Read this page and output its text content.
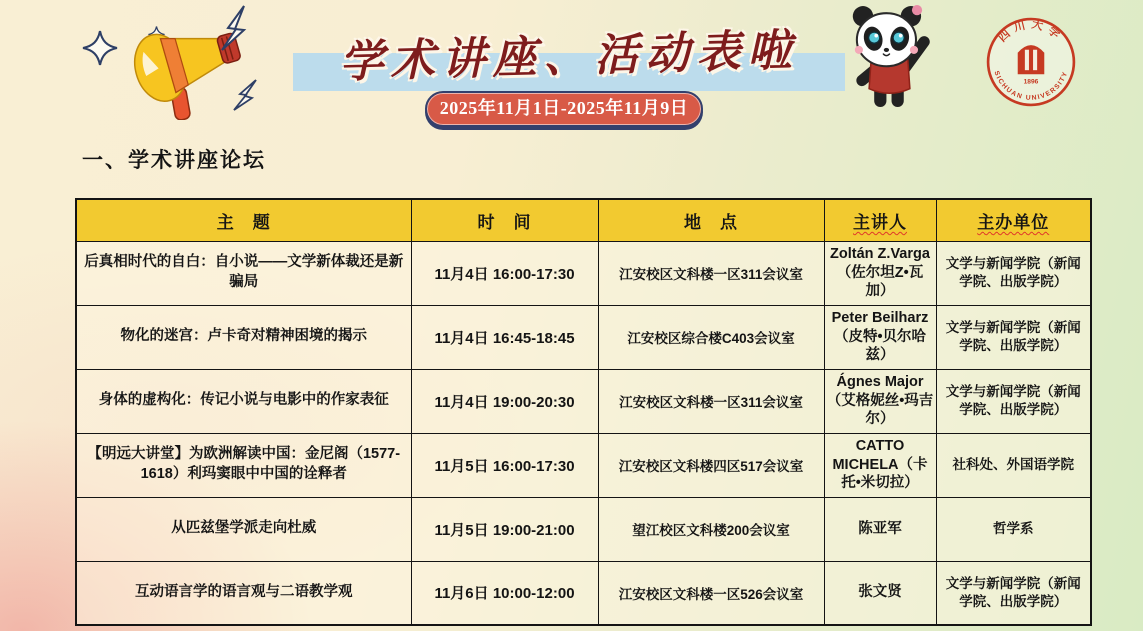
学术讲座、活动表啦
2025年11月1日-2025年11月9日
四川大学
SICHUAN UNIVERSITY
1896
一、学术讲座论坛
主　题	时　间	地　点	主讲人	主办单位
后真相时代的自白：自小说——文学新体裁还是新骗局	11月4日 16:00-17:30	江安校区文科楼一区311会议室	Zoltán Z.Varga（佐尔坦Z•瓦加）	文学与新闻学院（新闻学院、出版学院）
物化的迷宫：卢卡奇对精神困境的揭示	11月4日 16:45-18:45	江安校区综合楼C403会议室	Peter Beilharz（皮特•贝尔哈兹）	文学与新闻学院（新闻学院、出版学院）
身体的虚构化：传记小说与电影中的作家表征	11月4日 19:00-20:30	江安校区文科楼一区311会议室	Ágnes Major（艾格妮丝•玛吉尔）	文学与新闻学院（新闻学院、出版学院）
【明远大讲堂】为欧洲解读中国：金尼阁（1577-1618）利玛窦眼中中国的诠释者	11月5日 16:00-17:30	江安校区文科楼四区517会议室	CATTO MICHELA（卡托•米切拉）	社科处、外国语学院
从匹兹堡学派走向杜威	11月5日 19:00-21:00	望江校区文科楼200会议室	陈亚军	哲学系
互动语言学的语言观与二语教学观	11月6日 10:00-12:00	江安校区文科楼一区526会议室	张文贤	文学与新闻学院（新闻学院、出版学院）
